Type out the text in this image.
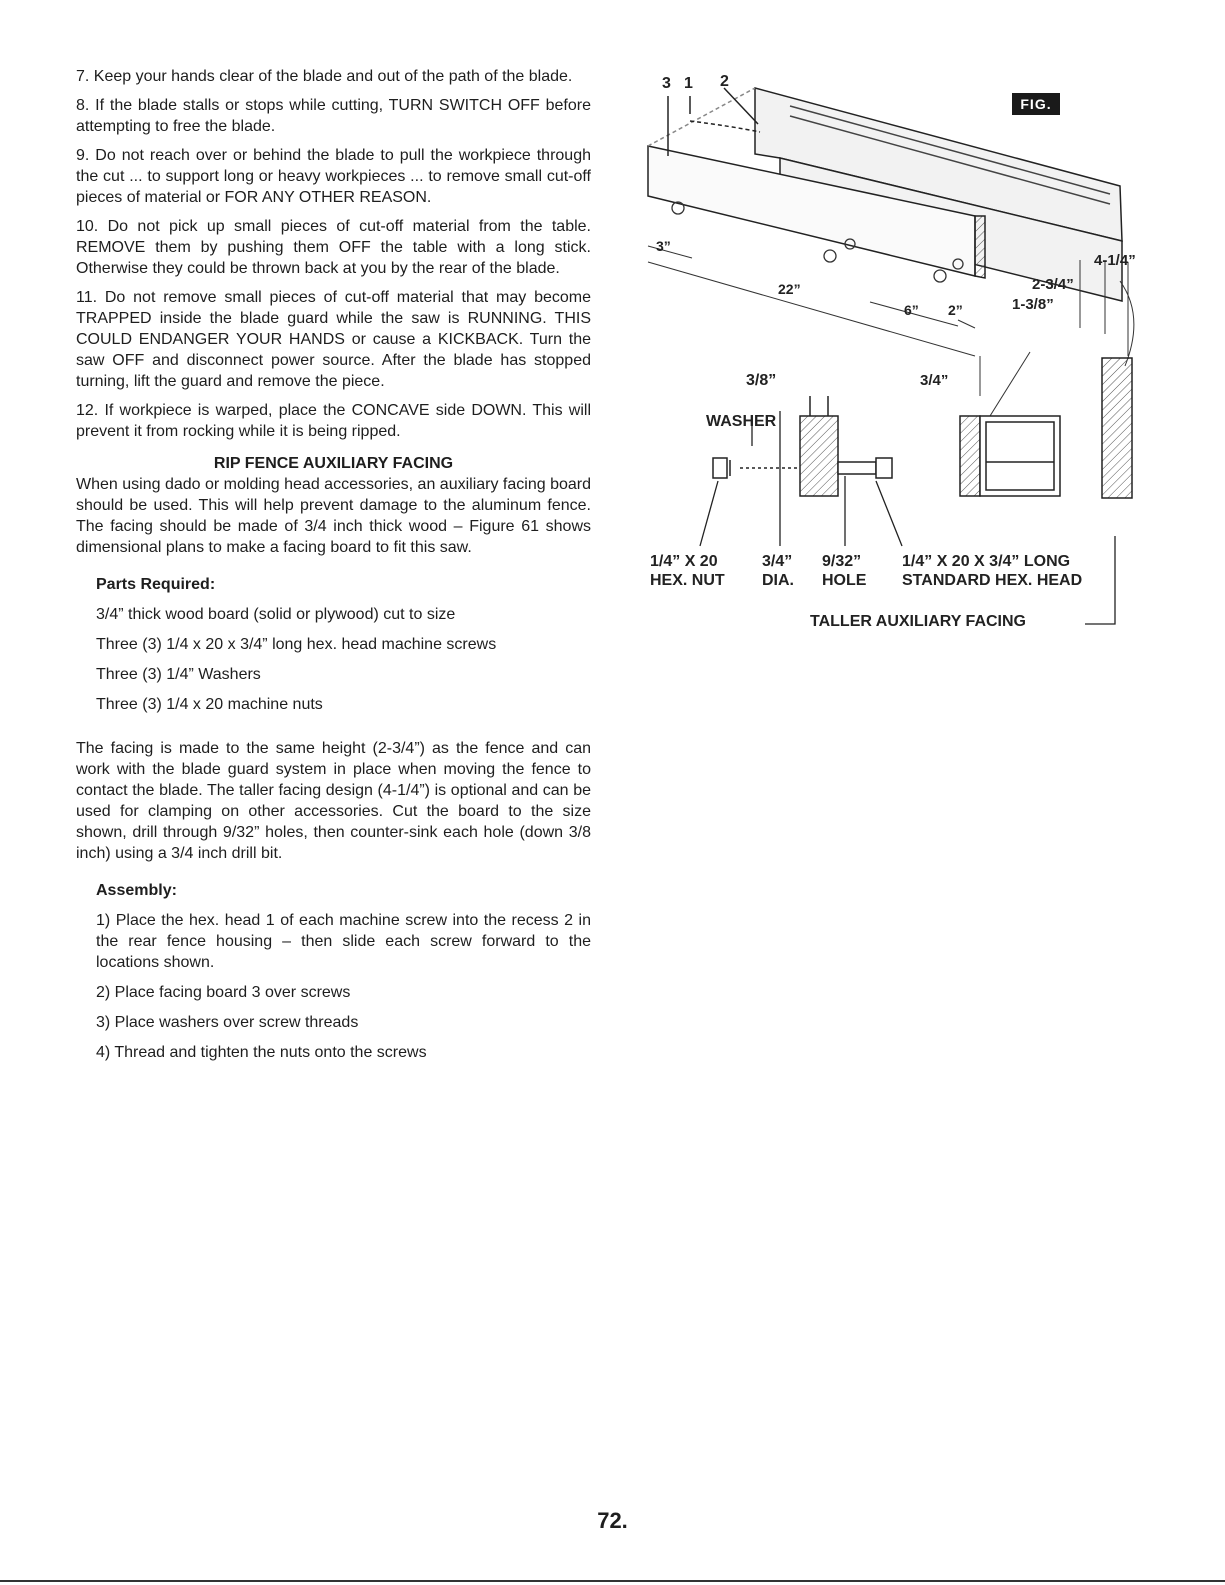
7. Keep your hands clear of the blade and out of the path of the blade.

8. If the blade stalls or stops while cutting, TURN SWITCH OFF before attempting to free the blade.

9. Do not reach over or behind the blade to pull the workpiece through the cut ... to support long or heavy workpieces ... to remove small cut-off pieces of material or FOR ANY OTHER REASON.

10. Do not pick up small pieces of cut-off material from the table. REMOVE them by pushing them OFF the table with a long stick. Otherwise they could be thrown back at you by the rear of the blade.

11. Do not remove small pieces of cut-off material that may become TRAPPED inside the blade guard while the saw is RUNNING. THIS COULD ENDANGER YOUR HANDS or cause a KICKBACK. Turn the saw OFF and disconnect power source. After the blade has stopped turning, lift the guard and remove the piece.

12. If workpiece is warped, place the CONCAVE side DOWN. This will prevent it from rocking while it is being ripped.

RIP FENCE AUXILIARY FACING

When using dado or molding head accessories, an auxiliary facing board should be used. This will help prevent damage to the aluminum fence. The facing should be made of 3/4 inch thick wood – Figure 61 shows dimensional plans to make a facing board to fit this saw.

Parts Required:
3/4” thick wood board (solid or plywood) cut to size
Three (3) 1/4 x 20 x 3/4” long hex. head machine screws
Three (3) 1/4” Washers
Three (3) 1/4 x 20 machine nuts

The facing is made to the same height (2-3/4”) as the fence and can work with the blade guard system in place when moving the fence to contact the blade. The taller facing design (4-1/4”) is optional and can be used for clamping on other accessories. Cut the board to the size shown, drill through 9/32” holes, then counter-sink each hole (down 3/8 inch) using a 3/4 inch drill bit.

Assembly:
1) Place the hex. head 1 of each machine screw into the recess 2 in the rear fence housing – then slide each screw forward to the locations shown.
2) Place facing board 3 over screws
3) Place washers over screw threads
4) Thread and tighten the nuts onto the screws
FIG. 61
3 1 2
3”
22”
6” 2”
4-1/4”
2-3/4”
1-3/8”
3/8”	3/4”
WASHER
1/4” X 20
HEX. NUT
3/4”
DIA.
9/32”
HOLE
1/4” X 20 X 3/4” LONG
STANDARD HEX. HEAD
TALLER AUXILIARY FACING
72.
